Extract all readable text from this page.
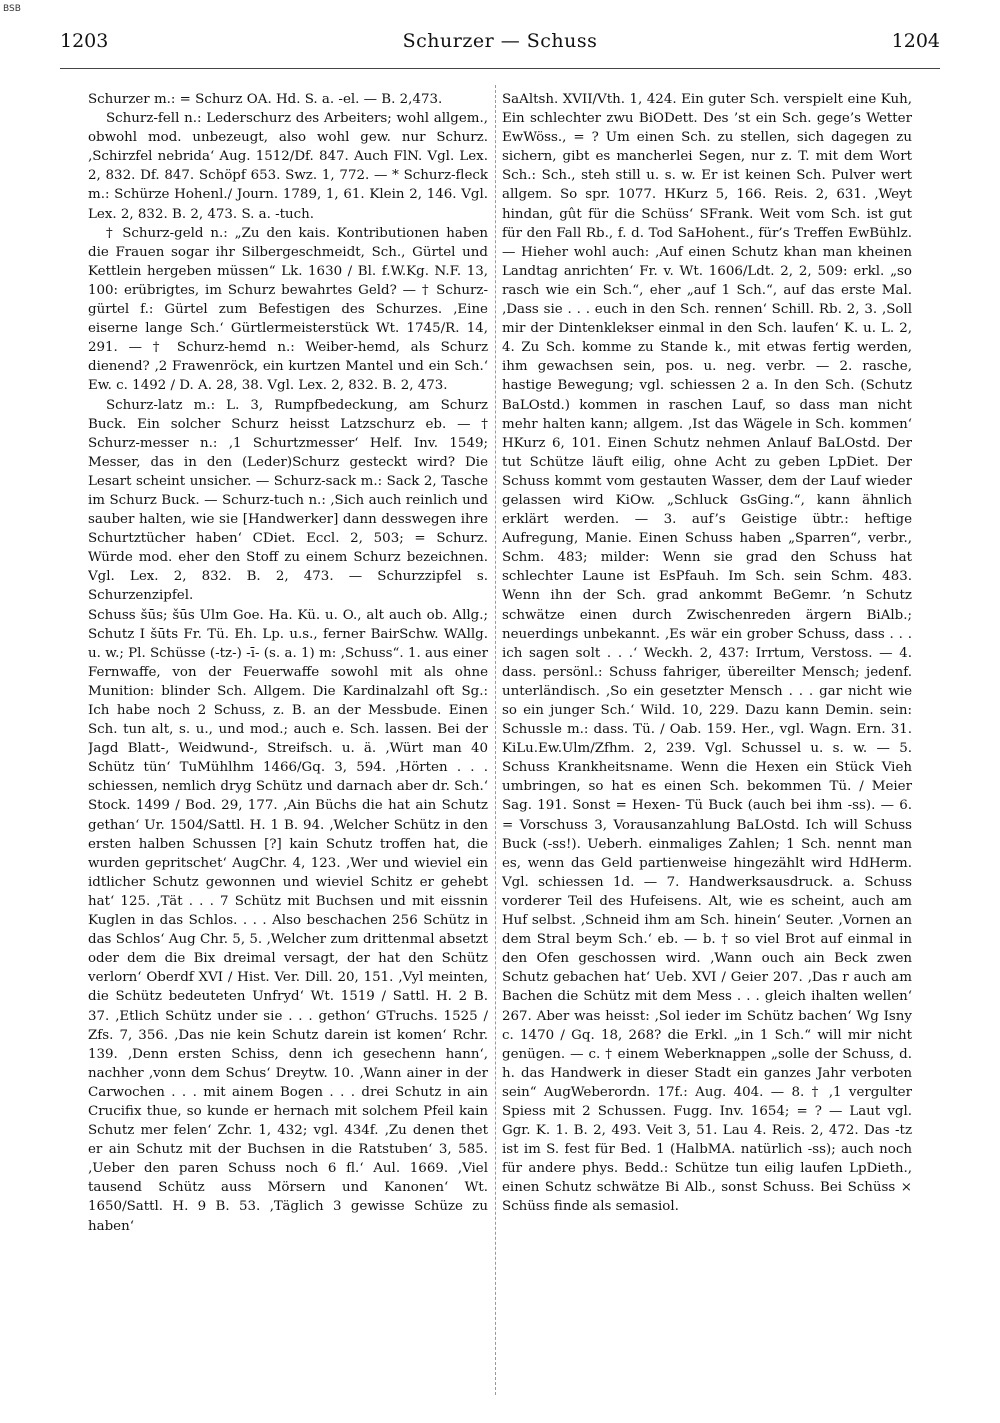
BSB
1203	Schurzer — Schuss	1204

Schurzer m.: = Schurz OA. Hd. S. a. -el. — B. 2,473.

Schurz-fell n.: Lederschurz des Arbeiters; wohl allgem., obwohl mod. unbezeugt, also wohl gew. nur Schurz. ‚Schirzfel nebrida‘ Aug. 1512/Df. 847. Auch FlN. Vgl. Lex. 2, 832. Df. 847. Schöpf 653. Swz. 1, 772. — * Schurz-fleck m.: Schürze Hohenl./ Journ. 1789, 1, 61. Klein 2, 146. Vgl. Lex. 2, 832. B. 2, 473. S. a. -tuch.

† Schurz-geld n.: „Zu den kais. Kontributionen haben die Frauen sogar ihr Silbergeschmeidt, Sch., Gürtel und Kettlein hergeben müssen“ Lk. 1630 / Bl. f.W.Kg. N.F. 13, 100: erübrigtes, im Schurz bewahrtes Geld? — † Schurz-gürtel f.: Gürtel zum Befestigen des Schurzes. ‚Eine eiserne lange Sch.‘ Gürtlermeisterstück Wt. 1745/R. 14, 291. — † Schurz-hemd n.: Weiber-hemd, als Schurz dienend? ‚2 Frawenröck, ein kurtzen Mantel und ein Sch.‘ Ew. c. 1492 / D. A. 28, 38. Vgl. Lex. 2, 832. B. 2, 473.

Schurz-latz m.: L. 3, Rumpfbedeckung, am Schurz Buck. Ein solcher Schurz heisst Latzschurz eb. — † Schurz-messer n.: ‚1 Schurtzmesser‘ Helf. Inv. 1549; Messer, das in den (Leder)Schurz gesteckt wird? Die Lesart scheint unsicher. — Schurz-sack m.: Sack 2, Tasche im Schurz Buck. — Schurz-tuch n.: ‚Sich auch reinlich und sauber halten, wie sie [Handwerker] dann desswegen ihre Schurtztücher haben‘ CDiet. Eccl. 2, 503; = Schurz. Würde mod. eher den Stoff zu einem Schurz bezeichnen. Vgl. Lex. 2, 832. B. 2, 473. — Schurzzipfel s. Schurzenzipfel.

Schuss šūs; šūs Ulm Goe. Ha. Kü. u. O., alt auch ob. Allg.; Schutz I šūts Fr. Tü. Eh. Lp. u.s., ferner BairSchw. WAllg. u. w.; Pl. Schüsse (-tz-) -ī- (s. a. 1) m: ‚Schuss“. 1. aus einer Fernwaffe, von der Feuerwaffe sowohl mit als ohne Munition: blinder Sch. Allgem. Die Kardinalzahl oft Sg.: Ich habe noch 2 Schuss, z. B. an der Messbude. Einen Sch. tun alt, s. u., und mod.; auch e. Sch. lassen. Bei der Jagd Blatt-, Weidwund-, Streifsch. u. ä. ‚Würt man 40 Schütz tün‘ TuMühlhm 1466/Gq. 3, 594. ‚Hörten . . . schiessen, nemlich dryg Schütz und darnach aber dr. Sch.‘ Stock. 1499 / Bod. 29, 177. ‚Ain Büchs die hat ain Schutz gethan‘ Ur. 1504/Sattl. H. 1 B. 94. ‚Welcher Schütz in den ersten halben Schussen [?] kain Schutz troffen hat, die wurden gepritschet‘ AugChr. 4, 123. ‚Wer und wieviel ein idtlicher Schutz gewonnen und wieviel Schitz er gehebt hat‘ 125. ‚Tät . . . 7 Schütz mit Buchsen und mit eissnin Kuglen in das Schlos. . . . Also beschachen 256 Schütz in das Schlos‘ Aug Chr. 5, 5. ‚Welcher zum drittenmal absetzt oder dem die Bix dreimal versagt, der hat den Schütz verlorn‘ Oberdf XVI / Hist. Ver. Dill. 20, 151. ‚Vyl meinten, die Schütz bedeuteten Unfryd‘ Wt. 1519 / Sattl. H. 2 B. 37. ‚Etlich Schütz under sie . . . gethon‘ GTruchs. 1525 / Zfs. 7, 356. ‚Das nie kein Schutz darein ist komen‘ Rchr. 139. ‚Denn ersten Schiss, denn ich gesechenn hann‘, nachher ‚vonn dem Schus‘ Dreytw. 10. ‚Wann ainer in der Carwochen . . . mit ainem Bogen . . . drei Schutz in ain Crucifix thue, so kunde er hernach mit solchem Pfeil kain Schutz mer felen‘ Zchr. 1, 432; vgl. 434f. ‚Zu denen thet er ain Schutz mit der Buchsen in die Ratstuben‘ 3, 585. ‚Ueber den paren Schuss noch 6 fl.‘ Aul. 1669. ‚Viel tausend Schütz auss Mörsern und Kanonen‘ Wt. 1650/Sattl. H. 9 B. 53. ‚Täglich 3 gewisse Schüze zu haben‘

SaAltsh. XVII/Vth. 1, 424. Ein guter Sch. verspielt eine Kuh, Ein schlechter zwu BiODett. Des ’st ein Sch. gege’s Wetter EwWöss., = ? Um einen Sch. zu stellen, sich dagegen zu sichern, gibt es mancherlei Segen, nur z. T. mit dem Wort Sch.: Sch., steh still u. s. w. Er ist keinen Sch. Pulver wert allgem. So spr. 1077. HKurz 5, 166. Reis. 2, 631. ‚Weyt hindan, gût für die Schüss‘ SFrank. Weit vom Sch. ist gut für den Fall Rb., f. d. Tod SaHohent., für’s Treffen EwBühlz. — Hieher wohl auch: ‚Auf einen Schutz khan man kheinen Landtag anrichten‘ Fr. v. Wt. 1606/Ldt. 2, 2, 509: erkl. „so rasch wie ein Sch.“, eher „auf 1 Sch.“, auf das erste Mal. ‚Dass sie . . . euch in den Sch. rennen‘ Schill. Rb. 2, 3. ‚Soll mir der Dintenklekser einmal in den Sch. laufen‘ K. u. L. 2, 4. Zu Sch. komme zu Stande k., mit etwas fertig werden, ihm gewachsen sein, pos. u. neg. verbr. — 2. rasche, hastige Bewegung; vgl. schiessen 2 a. In den Sch. (Schutz BaLOstd.) kommen in raschen Lauf, so dass man nicht mehr halten kann; allgem. ‚Ist das Wägele in Sch. kommen‘ HKurz 6, 101. Einen Schutz nehmen Anlauf BaLOstd. Der tut Schütze läuft eilig, ohne Acht zu geben LpDiet. Der Schuss kommt vom gestauten Wasser, dem der Lauf wieder gelassen wird KiOw. „Schluck GsGing.“, kann ähnlich erklärt werden. — 3. auf’s Geistige übtr.: heftige Aufregung, Manie. Einen Schuss haben „Sparren“, verbr., Schm. 483; milder: Wenn sie grad den Schuss hat schlechter Laune ist EsPfauh. Im Sch. sein Schm. 483. Wenn ihn der Sch. grad ankommt BeGemr. ’n Schutz schwätze einen durch Zwischenreden ärgern BiAlb.; neuerdings unbekannt. ‚Es wär ein grober Schuss, dass . . . ich sagen solt . . .‘ Weckh. 2, 437: Irrtum, Verstoss. — 4. dass. persönl.: Schuss fahriger, übereilter Mensch; jedenf. unterländisch. ‚So ein gesetzter Mensch . . . gar nicht wie so ein junger Sch.‘ Wild. 10, 229. Dazu kann Demin. sein: Schussle m.: dass. Tü. / Oab. 159. Her., vgl. Wagn. Ern. 31. KiLu.Ew.Ulm/Zfhm. 2, 239. Vgl. Schussel u. s. w. — 5. Schuss Krankheitsname. Wenn die Hexen ein Stück Vieh umbringen, so hat es einen Sch. bekommen Tü. / Meier Sag. 191. Sonst = Hexen- Tü Buck (auch bei ihm -ss). — 6. = Vorschuss 3, Vorausanzahlung BaLOstd. Ich will Schuss Buck (-ss!). Ueberh. einmaliges Zahlen; 1 Sch. nennt man es, wenn das Geld partienweise hingezählt wird HdHerm. Vgl. schiessen 1d. — 7. Handwerksausdruck. a. Schuss vorderer Teil des Hufeisens. Alt, wie es scheint, auch am Huf selbst. ‚Schneid ihm am Sch. hinein‘ Seuter. ‚Vornen an dem Stral beym Sch.‘ eb. — b. † so viel Brot auf einmal in den Ofen geschossen wird. ‚Wann ouch ain Beck zwen Schutz gebachen hat‘ Ueb. XVI / Geier 207. ‚Das r auch am Bachen die Schütz mit dem Mess . . . gleich ihalten wellen‘ 267. Aber was heisst: ‚Sol ieder im Schütz bachen‘ Wg Isny c. 1470 / Gq. 18, 268? die Erkl. „in 1 Sch.“ will mir nicht genügen. — c. † einem Weberknappen „solle der Schuss, d. h. das Handwerk in dieser Stadt ein ganzes Jahr verboten sein“ AugWeberordn. 17f.: Aug. 404. — 8. † ‚1 vergulter Spiess mit 2 Schussen. Fugg. Inv. 1654; = ? — Laut vgl. Ggr. K. 1. B. 2, 493. Veit 3, 51. Lau 4. Reis. 2, 472. Das -tz ist im S. fest für Bed. 1 (HalbMA. natürlich -ss); auch noch für andere phys. Bedd.: Schütze tun eilig laufen LpDieth., einen Schutz schwätze Bi Alb., sonst Schuss. Bei Schüss × Schüss finde als semasiol.
